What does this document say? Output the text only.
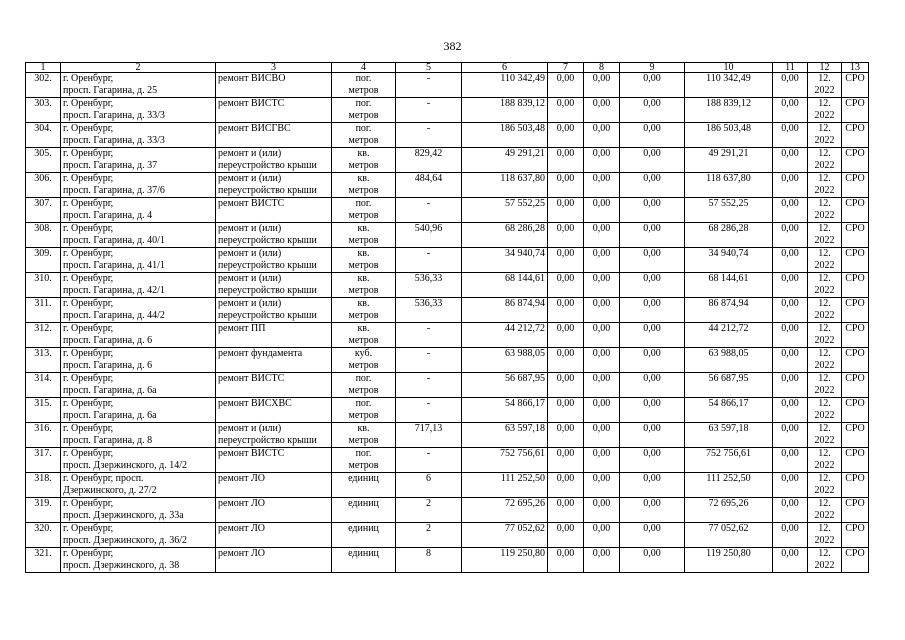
382
1	2	3	4	5	6	7	8	9	10	11	12	13
302.	г. Оренбург,
просп. Гагарина, д. 25	ремонт ВИСВО	пог.
метров	-	110 342,49	0,00	0,00	0,00	110 342,49	0,00	12.
2022	СРО
303.	г. Оренбург,
просп. Гагарина, д. 33/3	ремонт ВИСТС	пог.
метров	-	188 839,12	0,00	0,00	0,00	188 839,12	0,00	12.
2022	СРО
304.	г. Оренбург,
просп. Гагарина, д. 33/3	ремонт ВИСГВС	пог.
метров	-	186 503,48	0,00	0,00	0,00	186 503,48	0,00	12.
2022	СРО
305.	г. Оренбург,
просп. Гагарина, д. 37	ремонт и (или)
переустройство крыши	кв.
метров	829,42	49 291,21	0,00	0,00	0,00	49 291,21	0,00	12.
2022	СРО
306.	г. Оренбург,
просп. Гагарина, д. 37/6	ремонт и (или)
переустройство крыши	кв.
метров	484,64	118 637,80	0,00	0,00	0,00	118 637,80	0,00	12.
2022	СРО
307.	г. Оренбург,
просп. Гагарина, д. 4	ремонт ВИСТС	пог.
метров	-	57 552,25	0,00	0,00	0,00	57 552,25	0,00	12.
2022	СРО
308.	г. Оренбург,
просп. Гагарина, д. 40/1	ремонт и (или)
переустройство крыши	кв.
метров	540,96	68 286,28	0,00	0,00	0,00	68 286,28	0,00	12.
2022	СРО
309.	г. Оренбург,
просп. Гагарина, д. 41/1	ремонт и (или)
переустройство крыши	кв.
метров	-	34 940,74	0,00	0,00	0,00	34 940,74	0,00	12.
2022	СРО
310.	г. Оренбург,
просп. Гагарина, д. 42/1	ремонт и (или)
переустройство крыши	кв.
метров	536,33	68 144,61	0,00	0,00	0,00	68 144,61	0,00	12.
2022	СРО
311.	г. Оренбург,
просп. Гагарина, д. 44/2	ремонт и (или)
переустройство крыши	кв.
метров	536,33	86 874,94	0,00	0,00	0,00	86 874,94	0,00	12.
2022	СРО
312.	г. Оренбург,
просп. Гагарина, д. 6	ремонт ПП	кв.
метров	-	44 212,72	0,00	0,00	0,00	44 212,72	0,00	12.
2022	СРО
313.	г. Оренбург,
просп. Гагарина, д. 6	ремонт фундамента	куб.
метров	-	63 988,05	0,00	0,00	0,00	63 988,05	0,00	12.
2022	СРО
314.	г. Оренбург,
просп. Гагарина, д. 6а	ремонт ВИСТС	пог.
метров	-	56 687,95	0,00	0,00	0,00	56 687,95	0,00	12.
2022	СРО
315.	г. Оренбург,
просп. Гагарина, д. 6а	ремонт ВИСХВС	пог.
метров	-	54 866,17	0,00	0,00	0,00	54 866,17	0,00	12.
2022	СРО
316.	г. Оренбург,
просп. Гагарина, д. 8	ремонт и (или)
переустройство крыши	кв.
метров	717,13	63 597,18	0,00	0,00	0,00	63 597,18	0,00	12.
2022	СРО
317.	г. Оренбург,
просп. Дзержинского, д. 14/2	ремонт ВИСТС	пог.
метров	-	752 756,61	0,00	0,00	0,00	752 756,61	0,00	12.
2022	СРО
318.	г. Оренбург, просп.
Дзержинского, д. 27/2	ремонт ЛО	единиц	6	111 252,50	0,00	0,00	0,00	111 252,50	0,00	12.
2022	СРО
319.	г. Оренбург,
просп. Дзержинского, д. 33а	ремонт ЛО	единиц	2	72 695,26	0,00	0,00	0,00	72 695,26	0,00	12.
2022	СРО
320.	г. Оренбург,
просп. Дзержинского, д. 36/2	ремонт ЛО	единиц	2	77 052,62	0,00	0,00	0,00	77 052,62	0,00	12.
2022	СРО
321.	г. Оренбург,
просп. Дзержинского, д. 38	ремонт ЛО	единиц	8	119 250,80	0,00	0,00	0,00	119 250,80	0,00	12.
2022	СРО
